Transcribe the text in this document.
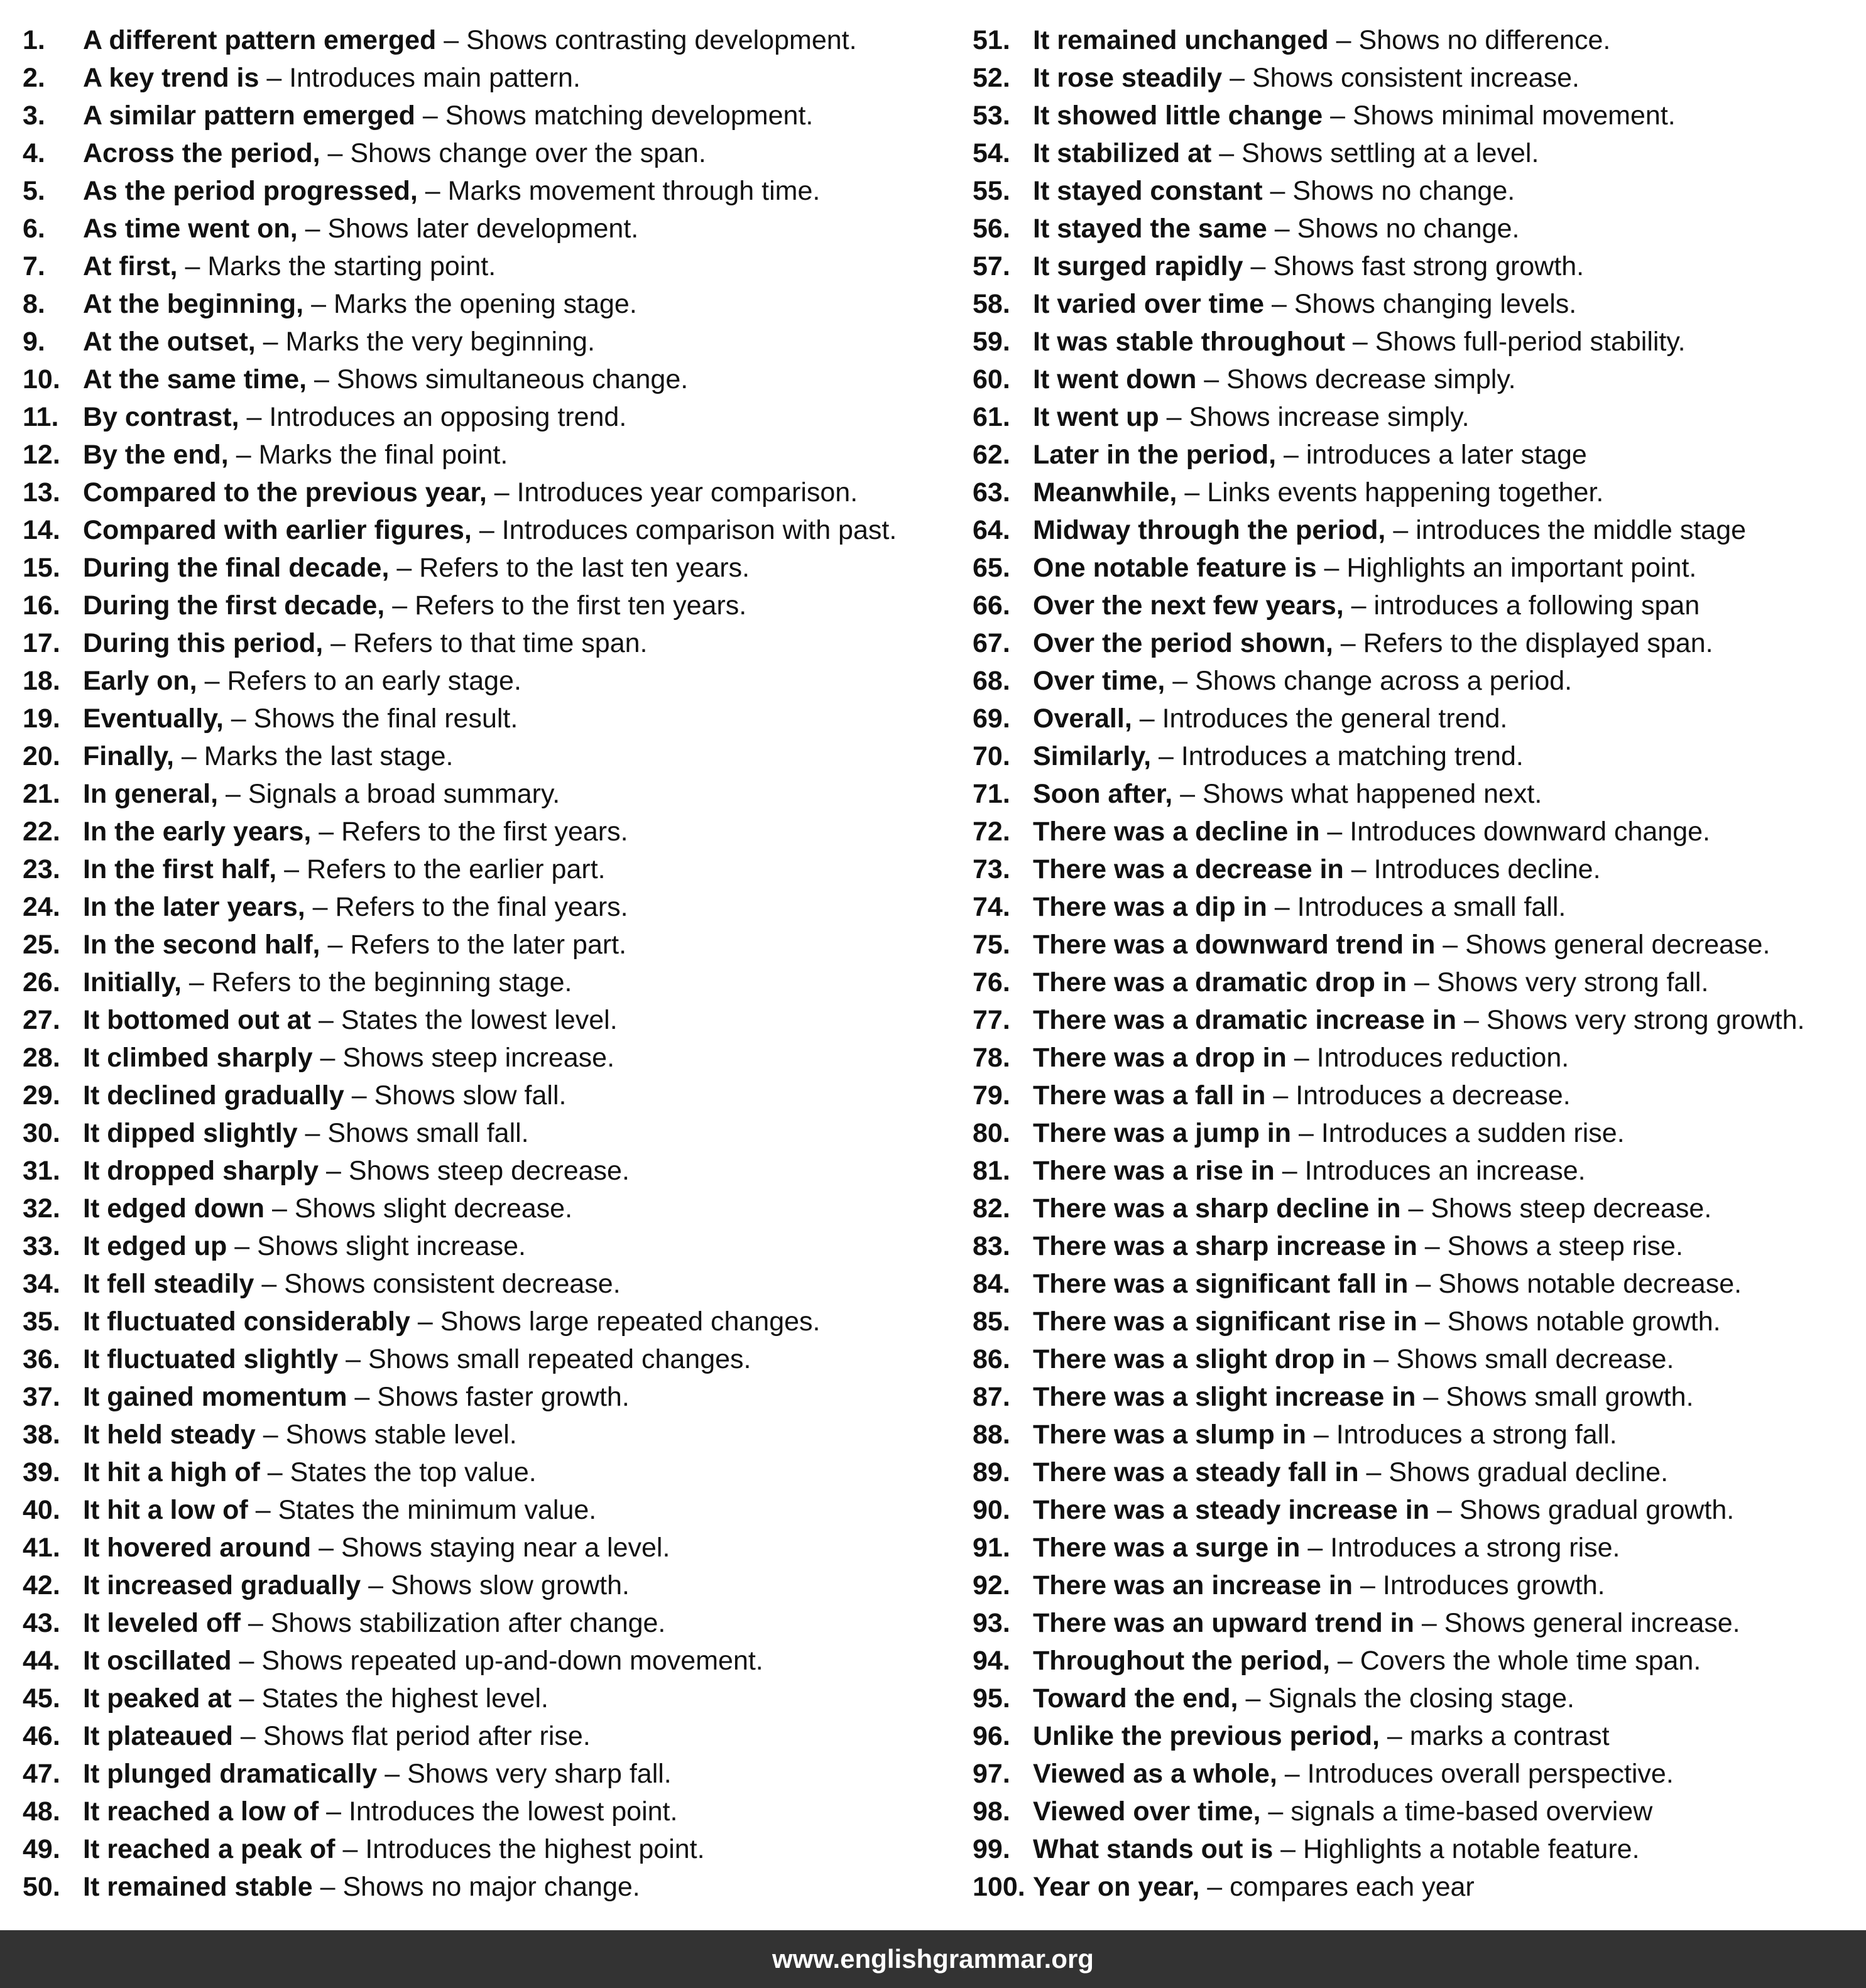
1.	A different pattern emerged – Shows contrasting development.
2.	A key trend is – Introduces main pattern.
3.	A similar pattern emerged – Shows matching development.
4.	Across the period, – Shows change over the span.
5.	As the period progressed, – Marks movement through time.
6.	As time went on, – Shows later development.
7.	At first, – Marks the starting point.
8.	At the beginning, – Marks the opening stage.
9.	At the outset, – Marks the very beginning.
10. At the same time, – Shows simultaneous change.
11. By contrast, – Introduces an opposing trend.
12. By the end, – Marks the final point.
13. Compared to the previous year, – Introduces year comparison.
14. Compared with earlier figures, – Introduces comparison with past.
15. During the final decade, – Refers to the last ten years.
16. During the first decade, – Refers to the first ten years.
17. During this period, – Refers to that time span.
18. Early on, – Refers to an early stage.
19. Eventually, – Shows the final result.
20. Finally, – Marks the last stage.
21. In general, – Signals a broad summary.
22. In the early years, – Refers to the first years.
23. In the first half, – Refers to the earlier part.
24. In the later years, – Refers to the final years.
25. In the second half, – Refers to the later part.
26. Initially, – Refers to the beginning stage.
27. It bottomed out at – States the lowest level.
28. It climbed sharply – Shows steep increase.
29. It declined gradually – Shows slow fall.
30. It dipped slightly – Shows small fall.
31. It dropped sharply – Shows steep decrease.
32. It edged down – Shows slight decrease.
33. It edged up – Shows slight increase.
34. It fell steadily – Shows consistent decrease.
35. It fluctuated considerably – Shows large repeated changes.
36. It fluctuated slightly – Shows small repeated changes.
37. It gained momentum – Shows faster growth.
38. It held steady – Shows stable level.
39. It hit a high of – States the top value.
40. It hit a low of – States the minimum value.
41. It hovered around – Shows staying near a level.
42. It increased gradually – Shows slow growth.
43. It leveled off – Shows stabilization after change.
44. It oscillated – Shows repeated up-and-down movement.
45. It peaked at – States the highest level.
46. It plateaued – Shows flat period after rise.
47. It plunged dramatically – Shows very sharp fall.
48. It reached a low of – Introduces the lowest point.
49. It reached a peak of – Introduces the highest point.
50. It remained stable – Shows no major change.
51. It remained unchanged – Shows no difference.
52. It rose steadily – Shows consistent increase.
53. It showed little change – Shows minimal movement.
54. It stabilized at – Shows settling at a level.
55. It stayed constant – Shows no change.
56. It stayed the same – Shows no change.
57. It surged rapidly – Shows fast strong growth.
58. It varied over time – Shows changing levels.
59. It was stable throughout – Shows full-period stability.
60. It went down – Shows decrease simply.
61. It went up – Shows increase simply.
62. Later in the period, – introduces a later stage
63. Meanwhile, – Links events happening together.
64. Midway through the period, – introduces the middle stage
65. One notable feature is – Highlights an important point.
66. Over the next few years, – introduces a following span
67. Over the period shown, – Refers to the displayed span.
68. Over time, – Shows change across a period.
69. Overall, – Introduces the general trend.
70. Similarly, – Introduces a matching trend.
71. Soon after, – Shows what happened next.
72. There was a decline in – Introduces downward change.
73. There was a decrease in – Introduces decline.
74. There was a dip in – Introduces a small fall.
75. There was a downward trend in – Shows general decrease.
76. There was a dramatic drop in – Shows very strong fall.
77. There was a dramatic increase in – Shows very strong growth.
78. There was a drop in – Introduces reduction.
79. There was a fall in – Introduces a decrease.
80. There was a jump in – Introduces a sudden rise.
81. There was a rise in – Introduces an increase.
82. There was a sharp decline in – Shows steep decrease.
83. There was a sharp increase in – Shows a steep rise.
84. There was a significant fall in – Shows notable decrease.
85. There was a significant rise in – Shows notable growth.
86. There was a slight drop in – Shows small decrease.
87. There was a slight increase in – Shows small growth.
88. There was a slump in – Introduces a strong fall.
89. There was a steady fall in – Shows gradual decline.
90. There was a steady increase in – Shows gradual growth.
91. There was a surge in – Introduces a strong rise.
92. There was an increase in – Introduces growth.
93. There was an upward trend in – Shows general increase.
94. Throughout the period, – Covers the whole time span.
95. Toward the end, – Signals the closing stage.
96. Unlike the previous period, – marks a contrast
97. Viewed as a whole, – Introduces overall perspective.
98. Viewed over time, – signals a time-based overview
99. What stands out is – Highlights a notable feature.
100. Year on year, – compares each year
www.englishgrammar.org
